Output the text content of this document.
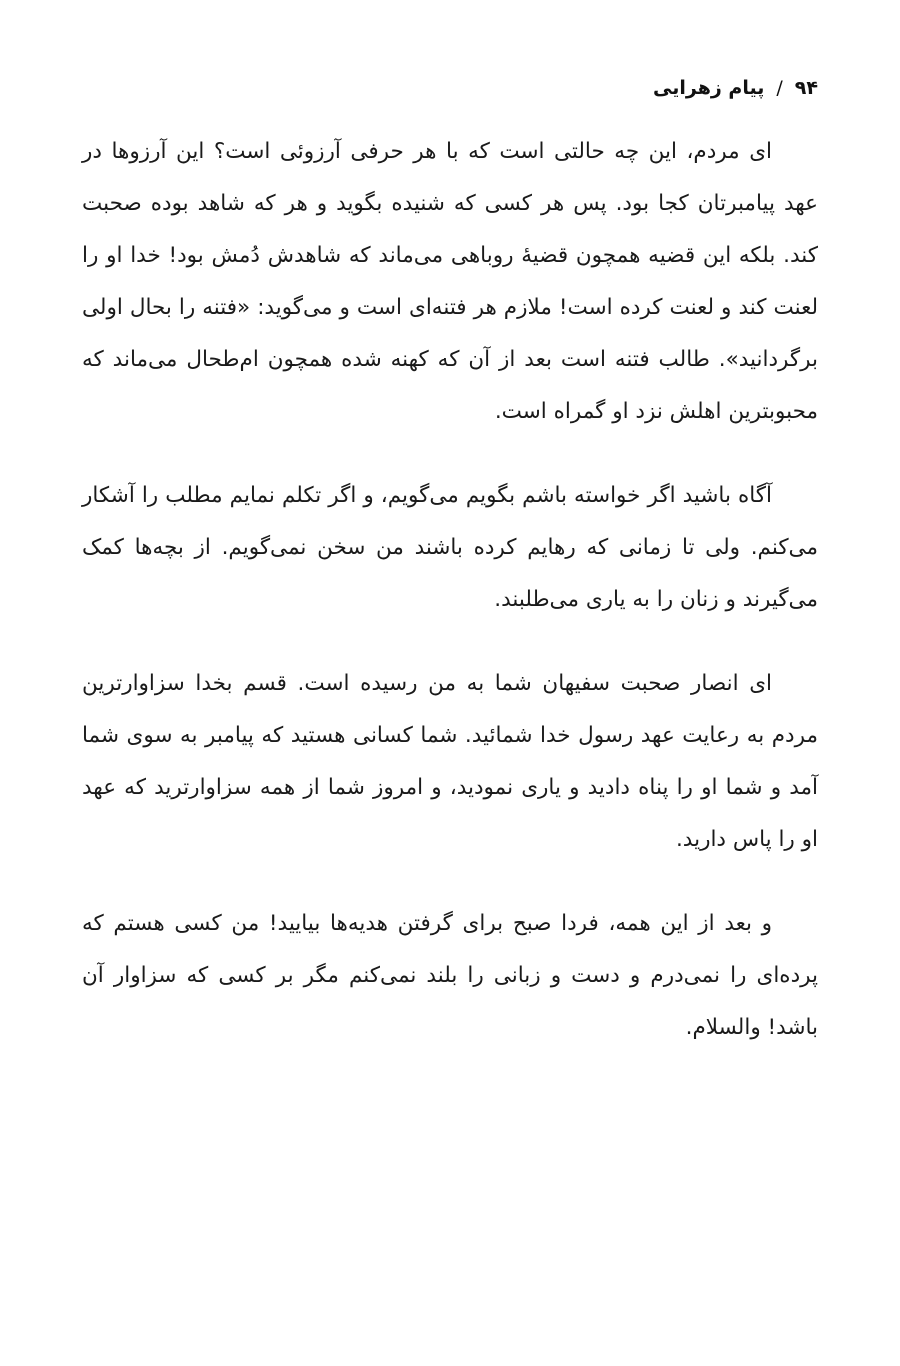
۹۴
/
پیام زهرایی

ای مردم، این چه حالتی است که با هر حرفی آرزوئی است؟ این آرزوها در عهد پیامبرتان کجا بود. پس هر کسی که شنیده بگوید و هر که شاهد بوده صحبت کند. بلکه این قضیه همچون قضیهٔ روباهی می‌ماند که شاهدش دُمش بود! خدا او را لعنت کند و لعنت کرده است! ملازم هر فتنه‌ای است و می‌گوید: «فتنه را بحال اولی برگردانید». طالب فتنه است بعد از آن که کهنه شده همچون ام‌طحال می‌ماند که محبوبترین اهلش نزد او گمراه است.

آگاه باشید اگر خواسته باشم بگویم می‌گویم، و اگر تکلم نمایم مطلب را آشکار می‌کنم. ولی تا زمانی که رهایم کرده باشند من سخن نمی‌گویم. از بچه‌ها کمک می‌گیرند و زنان را به یاری می‌طلبند.

ای انصار صحبت سفیهان شما به من رسیده است. قسم بخدا سزاوارترین مردم به رعایت عهد رسول خدا شمائید. شما کسانی هستید که پیامبر به سوی شما آمد و شما او را پناه دادید و یاری نمودید، و امروز شما از همه سزاوارترید که عهد او را پاس دارید.

و بعد از این همه، فردا صبح برای گرفتن هدیه‌ها بیایید! من کسی هستم که پرده‌ای را نمی‌درم و دست و زبانی را بلند نمی‌کنم مگر بر کسی که سزاوار آن باشد! والسلام.
